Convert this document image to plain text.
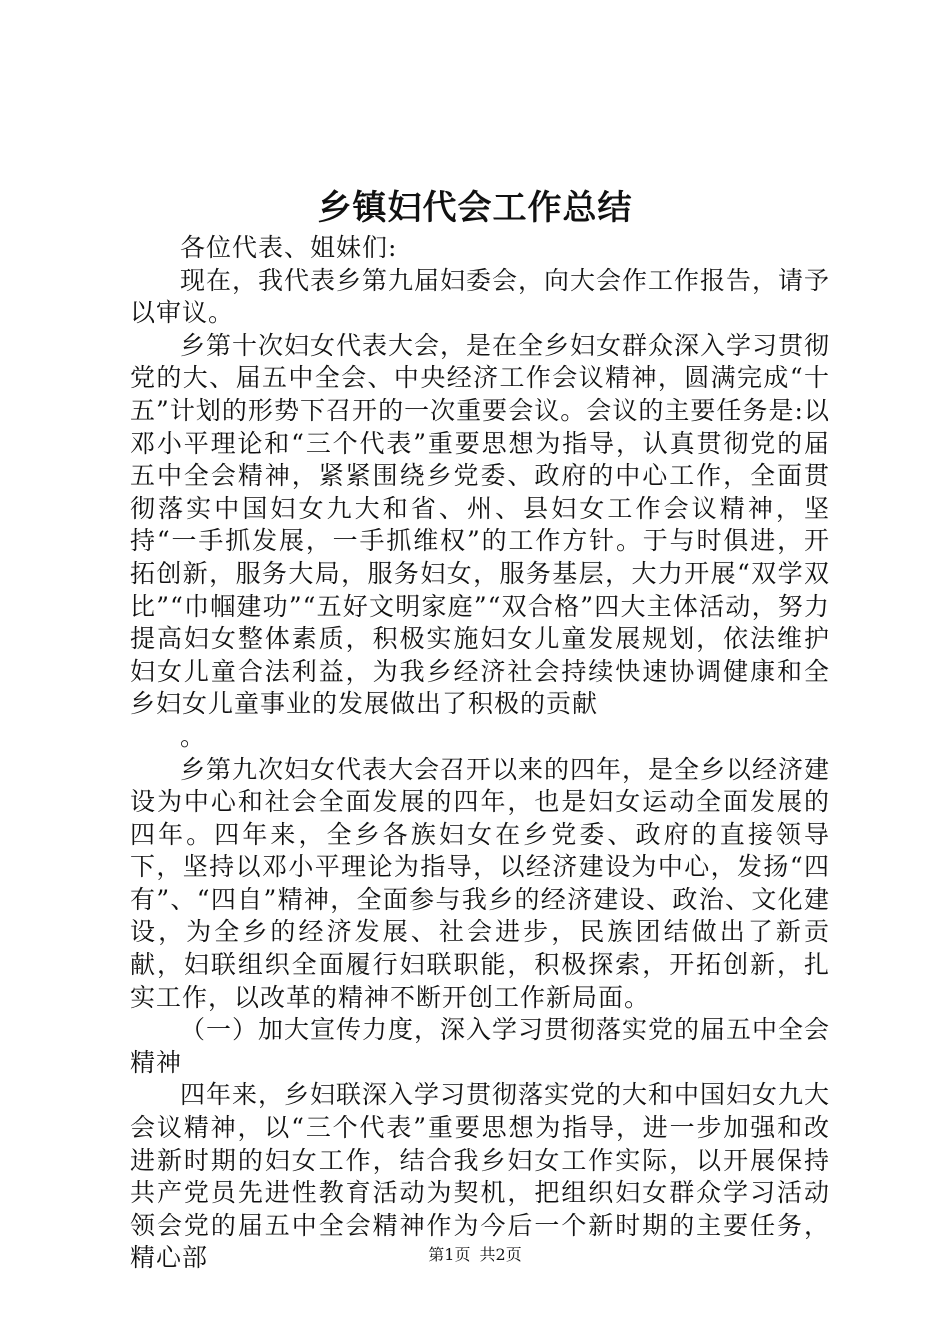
乡镇妇代会工作总结

各位代表、姐妹们:

现在，我代表乡第九届妇委会，向大会作工作报告，请予以审议。

乡第十次妇女代表大会，是在全乡妇女群众深入学习贯彻党的大、届五中全会、中央经济工作会议精神，圆满完成“十五”计划的形势下召开的一次重要会议。会议的主要任务是:以邓小平理论和“三个代表”重要思想为指导，认真贯彻党的届五中全会精神，紧紧围绕乡党委、政府的中心工作，全面贯彻落实中国妇女九大和省、州、县妇女工作会议精神，坚持“一手抓发展，一手抓维权”的工作方针。于与时俱进，开拓创新，服务大局，服务妇女，服务基层，大力开展“双学双比”“巾帼建功”“五好文明家庭”“双合格”四大主体活动，努力提高妇女整体素质，积极实施妇女儿童发展规划，依法维护妇女儿童合法利益，为我乡经济社会持续快速协调健康和全乡妇女儿童事业的发展做出了积极的贡献

。

乡第九次妇女代表大会召开以来的四年，是全乡以经济建设为中心和社会全面发展的四年，也是妇女运动全面发展的四年。四年来，全乡各族妇女在乡党委、政府的直接领导下，坚持以邓小平理论为指导，以经济建设为中心，发扬“四有”、“四自”精神，全面参与我乡的经济建设、政治、文化建设，为全乡的经济发展、社会进步，民族团结做出了新贡献，妇联组织全面履行妇联职能，积极探索，开拓创新，扎实工作，以改革的精神不断开创工作新局面。

（一）加大宣传力度，深入学习贯彻落实党的届五中全会精神

四年来，乡妇联深入学习贯彻落实党的大和中国妇女九大会议精神，以“三个代表”重要思想为指导，进一步加强和改进新时期的妇女工作，结合我乡妇女工作实际，以开展保持共产党员先进性教育活动为契机，把组织妇女群众学习活动领会党的届五中全会精神作为今后一个新时期的主要任务，精心部	第1页 共2页
